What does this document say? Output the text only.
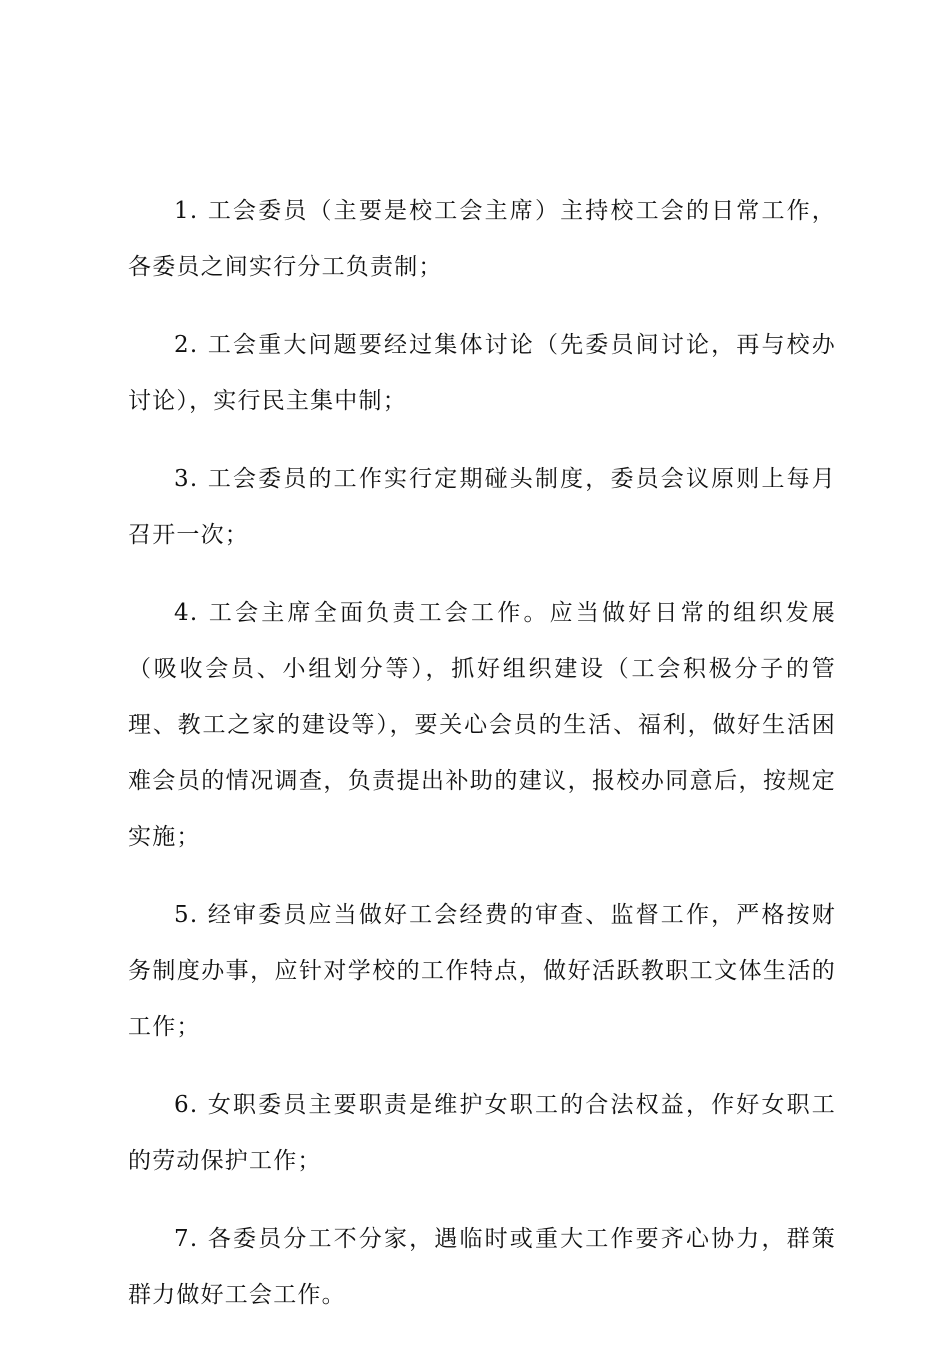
1. 工会委员（主要是校工会主席）主持校工会的日常工作，各委员之间实行分工负责制；

2. 工会重大问题要经过集体讨论（先委员间讨论，再与校办讨论），实行民主集中制；

3. 工会委员的工作实行定期碰头制度，委员会议原则上每月召开一次；

4. 工会主席全面负责工会工作。应当做好日常的组织发展（吸收会员、小组划分等），抓好组织建设（工会积极分子的管理、教工之家的建设等），要关心会员的生活、福利，做好生活困难会员的情况调查，负责提出补助的建议，报校办同意后，按规定实施；

5. 经审委员应当做好工会经费的审查、监督工作，严格按财务制度办事，应针对学校的工作特点，做好活跃教职工文体生活的工作；

6. 女职委员主要职责是维护女职工的合法权益，作好女职工的劳动保护工作；

7. 各委员分工不分家，遇临时或重大工作要齐心协力，群策群力做好工会工作。
